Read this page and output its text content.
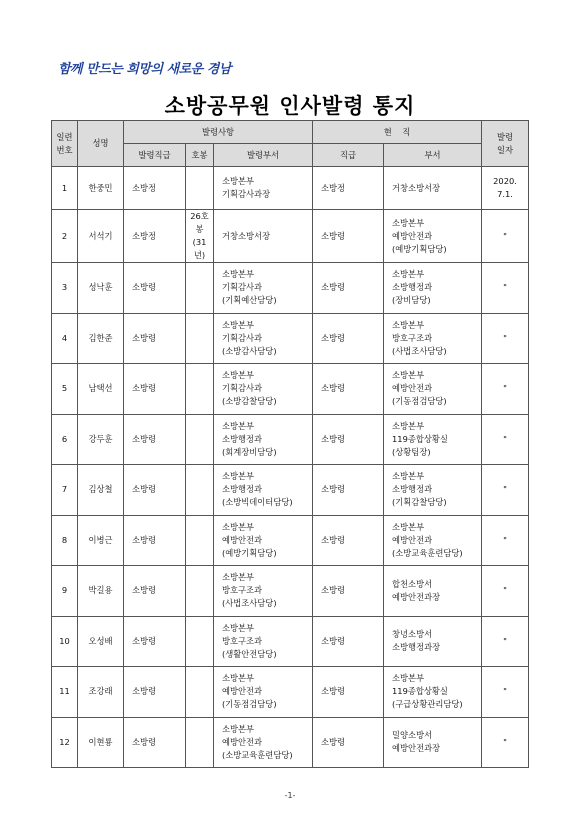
함께 만드는 희망의 새로운 경남
소방공무원 인사발령 통지
일련
번호	성명	발령사항			현    직		발령
일자
		발령직급	호봉	발령부서	직급	부서	
1	한중민	소방정		소방본부
기획감사과장	소방정	거창소방서장	2020.
7.1.
2	서석기	소방정	26호봉
(31년)	거창소방서장	소방령	소방본부
예방안전과
(예방기획담당)	"
3	성낙훈	소방령		소방본부
기획감사과
(기획예산담당)	소방령	소방본부
소방행정과
(장비담당)	"
4	김한준	소방령		소방본부
기획감사과
(소방감사담당)	소방령	소방본부
방호구조과
(사법조사담당)	"
5	남택선	소방령		소방본부
기획감사과
(소방감찰담당)	소방령	소방본부
예방안전과
(기동점검담당)	"
6	강두훈	소방령		소방본부
소방행정과
(회계장비담당)	소방령	소방본부
119종합상황실
(상황팀장)	"
7	김상철	소방령		소방본부
소방행정과
(소방빅데이터담당)	소방령	소방본부
소방행정과
(기획감찰담당)	"
8	이병근	소방령		소방본부
예방안전과
(예방기획담당)	소방령	소방본부
예방안전과
(소방교육훈련담당)	"
9	박길용	소방령		소방본부
방호구조과
(사법조사담당)	소방령	합천소방서
예방안전과장	"
10	오성배	소방령		소방본부
방호구조과
(생활안전담당)	소방령	창녕소방서
소방행정과장	"
11	조강래	소방령		소방본부
예방안전과
(기동점검담당)	소방령	소방본부
119종합상황실
(구급상황관리담당)	"
12	이현룡	소방령		소방본부
예방안전과
(소방교육훈련담당)	소방령	밀양소방서
예방안전과장	"
-1-
